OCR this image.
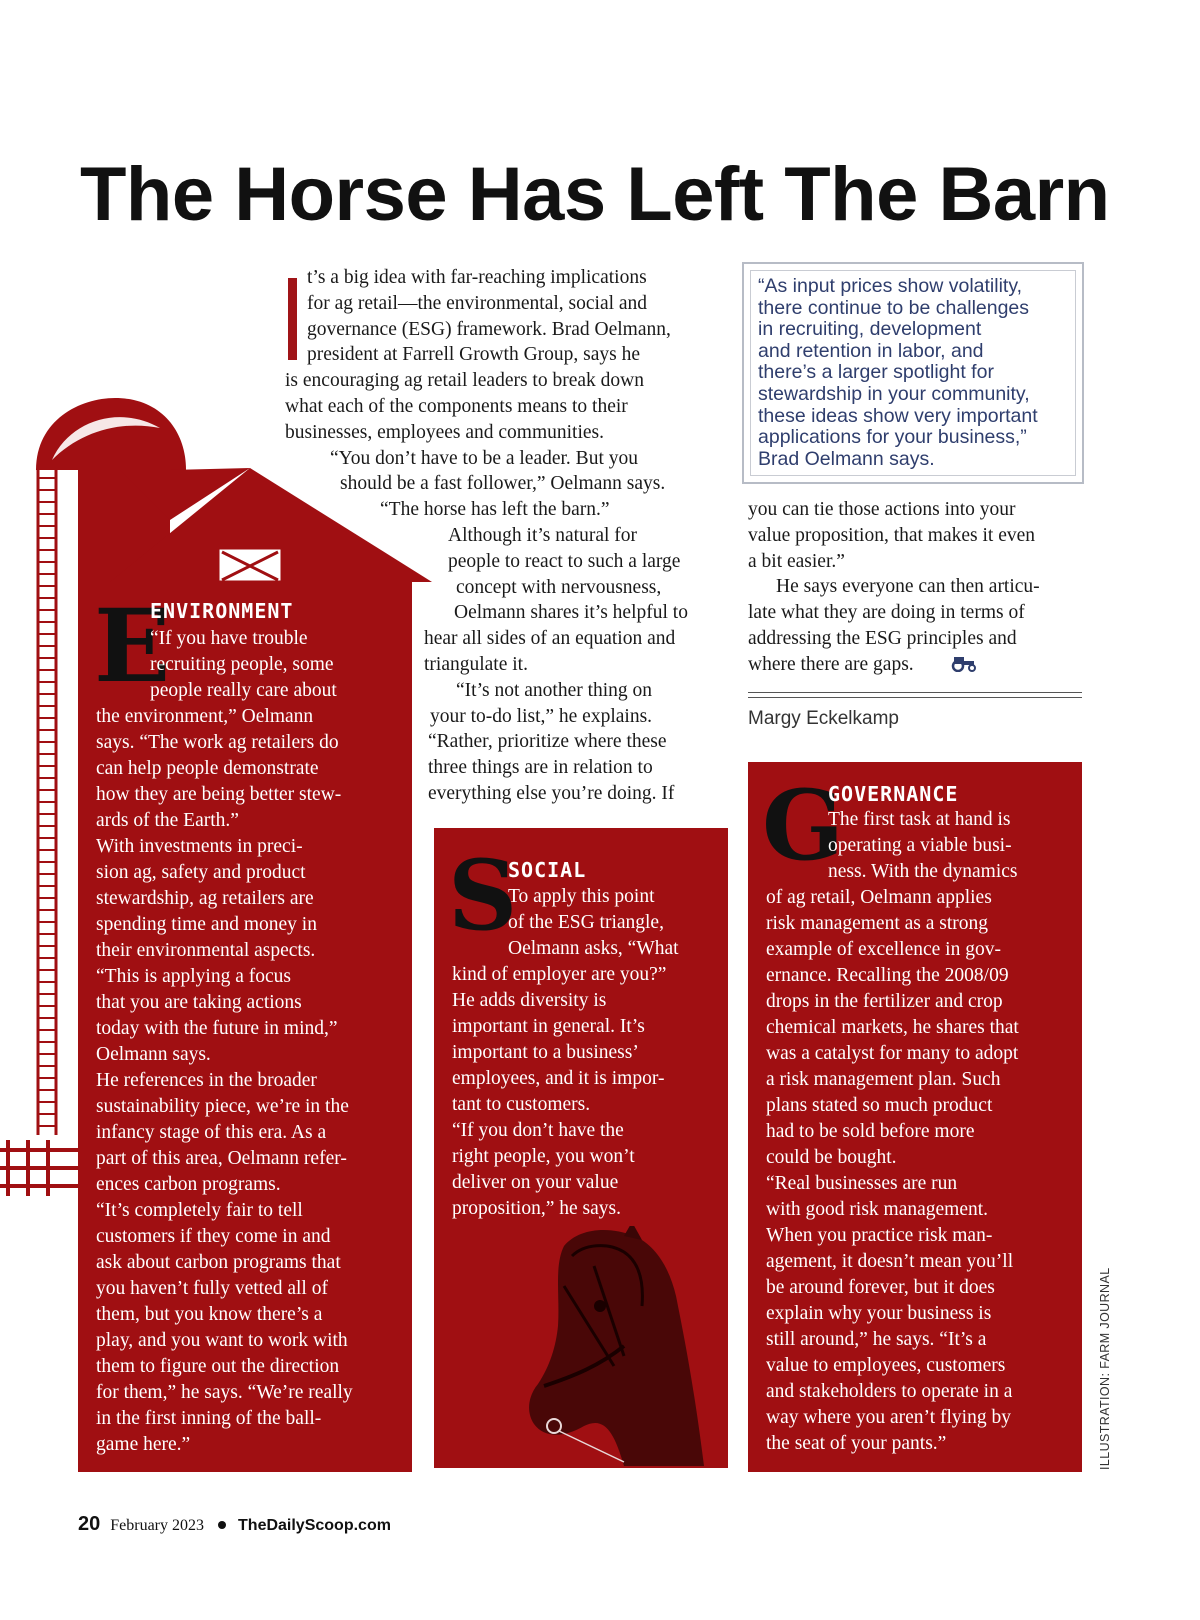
The Horse Has Left The Barn
t’s a big idea with far-reaching implications
for ag retail—the environmental, social and
governance (ESG) framework. Brad Oelmann,
president at Farrell Growth Group, says he
is encouraging ag retail leaders to break down
what each of the components means to their
businesses, employees and communities.
“You don’t have to be a leader. But you
should be a fast follower,” Oelmann says.
“The horse has left the barn.”
Although it’s natural for
people to react to such a large
concept with nervousness,
Oelmann shares it’s helpful to
hear all sides of an equation and
triangulate it.
“It’s not another thing on
your to-do list,” he explains.
“Rather, prioritize where these
three things are in relation to
everything else you’re doing. If
“As input prices show volatility,
there continue to be challenges
in recruiting, development
and retention in labor, and
there’s a larger spotlight for
stewardship in your community,
these ideas show very important
applications for your business,”
Brad Oelmann says.
you can tie those actions into your
value proposition, that makes it even
a bit easier.”
He says everyone can then articu-
late what they are doing in terms of
addressing the ESG principles and
where there are gaps.
Margy Eckelkamp
E
ENVIRONMENT
“If you have trouble
recruiting people, some
people really care about
the environment,” Oelmann
says. “The work ag retailers do
can help people demonstrate
how they are being better stew-
ards of the Earth.”
With investments in preci-
sion ag, safety and product
stewardship, ag retailers are
spending time and money in
their environmental aspects.
“This is applying a focus
that you are taking actions
today with the future in mind,”
Oelmann says.
He references in the broader
sustainability piece, we’re in the
infancy stage of this era. As a
part of this area, Oelmann refer-
ences carbon programs.
“It’s completely fair to tell
customers if they come in and
ask about carbon programs that
you haven’t fully vetted all of
them, but you know there’s a
play, and you want to work with
them to figure out the direction
for them,” he says. “We’re really
in the first inning of the ball-
game here.”
S
SOCIAL
To apply this point
of the ESG triangle,
Oelmann asks, “What
kind of employer are you?”
He adds diversity is
important in general. It’s
important to a business’
employees, and it is impor-
tant to customers.
“If you don’t have the
right people, you won’t
deliver on your value
proposition,” he says.
G
GOVERNANCE
The first task at hand is
operating a viable busi-
ness. With the dynamics
of ag retail, Oelmann applies
risk management as a strong
example of excellence in gov-
ernance. Recalling the 2008/09
drops in the fertilizer and crop
chemical markets, he shares that
was a catalyst for many to adopt
a risk management plan. Such
plans stated so much product
had to be sold before more
could be bought.
“Real businesses are run
with good risk management.
When you practice risk man-
agement, it doesn’t mean you’ll
be around forever, but it does
explain why your business is
still around,” he says. “It’s a
value to employees, customers
and stakeholders to operate in a
way where you aren’t flying by
the seat of your pants.”	ILLUSTRATION: FARM JOURNAL
20 February 2023 TheDailyScoop.com
